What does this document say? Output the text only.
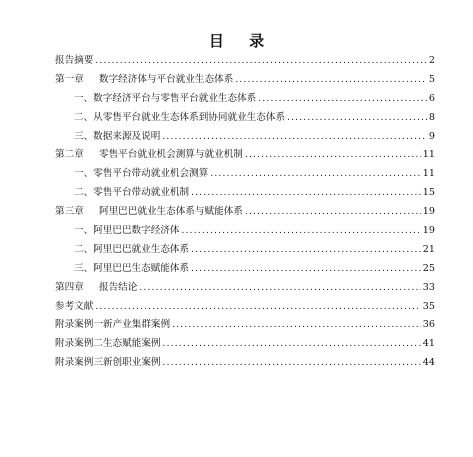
目 录
报告摘要 .....	2
第一章 数字经济体与平台就业生态体系 .....	5
一、数字经济平台与零售平台就业生态体系 .....	6
二、从零售平台就业生态体系到协同就业生态体系 .....	8
三、数据来源及说明 .....	9
第二章 零售平台就业机会测算与就业机制 .....	11
一、零售平台带动就业机会测算 .....	11
二、零售平台带动就业机制 .....	15
第三章 阿里巴巴就业生态体系与赋能体系 .....	19
一、阿里巴巴数字经济体 .....	19
二、阿里巴巴就业生态体系 .....	21
三、阿里巴巴生态赋能体系 .....	25
第四章 报告结论 .....	33
参考文献 .....	35
附录案例一新产业集群案例 .....	36
附录案例二生态赋能案例 .....	41
附录案例三新创职业案例 .....	44
